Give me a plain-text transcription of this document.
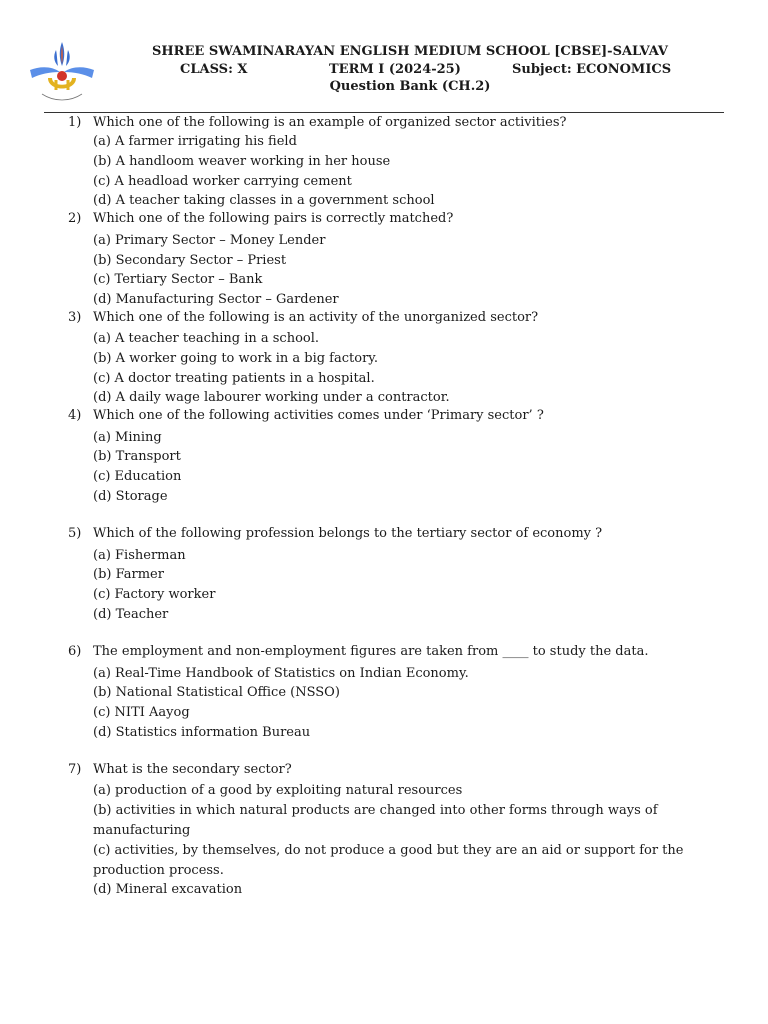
SHREE SWAMINARAYAN ENGLISH MEDIUM SCHOOL [CBSE]-SALVAV
CLASS: X	TERM I (2024-25)	Subject: ECONOMICS
Question Bank (CH.2)
1) Which one of the following is an example of organized sector activities?
(a) A farmer irrigating his field
(b) A handloom weaver working in her house
(c) A headload worker carrying cement
(d) A teacher taking classes in a government school
2) Which one of the following pairs is correctly matched?
(a) Primary Sector – Money Lender
(b) Secondary Sector – Priest
(c) Tertiary Sector – Bank
(d) Manufacturing Sector – Gardener
3) Which one of the following is an activity of the unorganized sector?
(a) A teacher teaching in a school.
(b) A worker going to work in a big factory.
(c) A doctor treating patients in a hospital.
(d) A daily wage labourer working under a contractor.
4) Which one of the following activities comes under ‘Primary sector’ ?
(a) Mining
(b) Transport
(c) Education
(d) Storage
5) Which of the following profession belongs to the tertiary sector of economy ?
(a) Fisherman
(b) Farmer
(c) Factory worker
(d) Teacher
6) The employment and non-employment figures are taken from ____ to study the data.
(a) Real-Time Handbook of Statistics on Indian Economy.
(b) National Statistical Office (NSSO)
(c) NITI Aayog
(d) Statistics information Bureau
7) What is the secondary sector?
(a) production of a good by exploiting natural resources
(b) activities in which natural products are changed into other forms through ways of manufacturing
(c) activities, by themselves, do not produce a good but they are an aid or support for the production process.
(d) Mineral excavation
